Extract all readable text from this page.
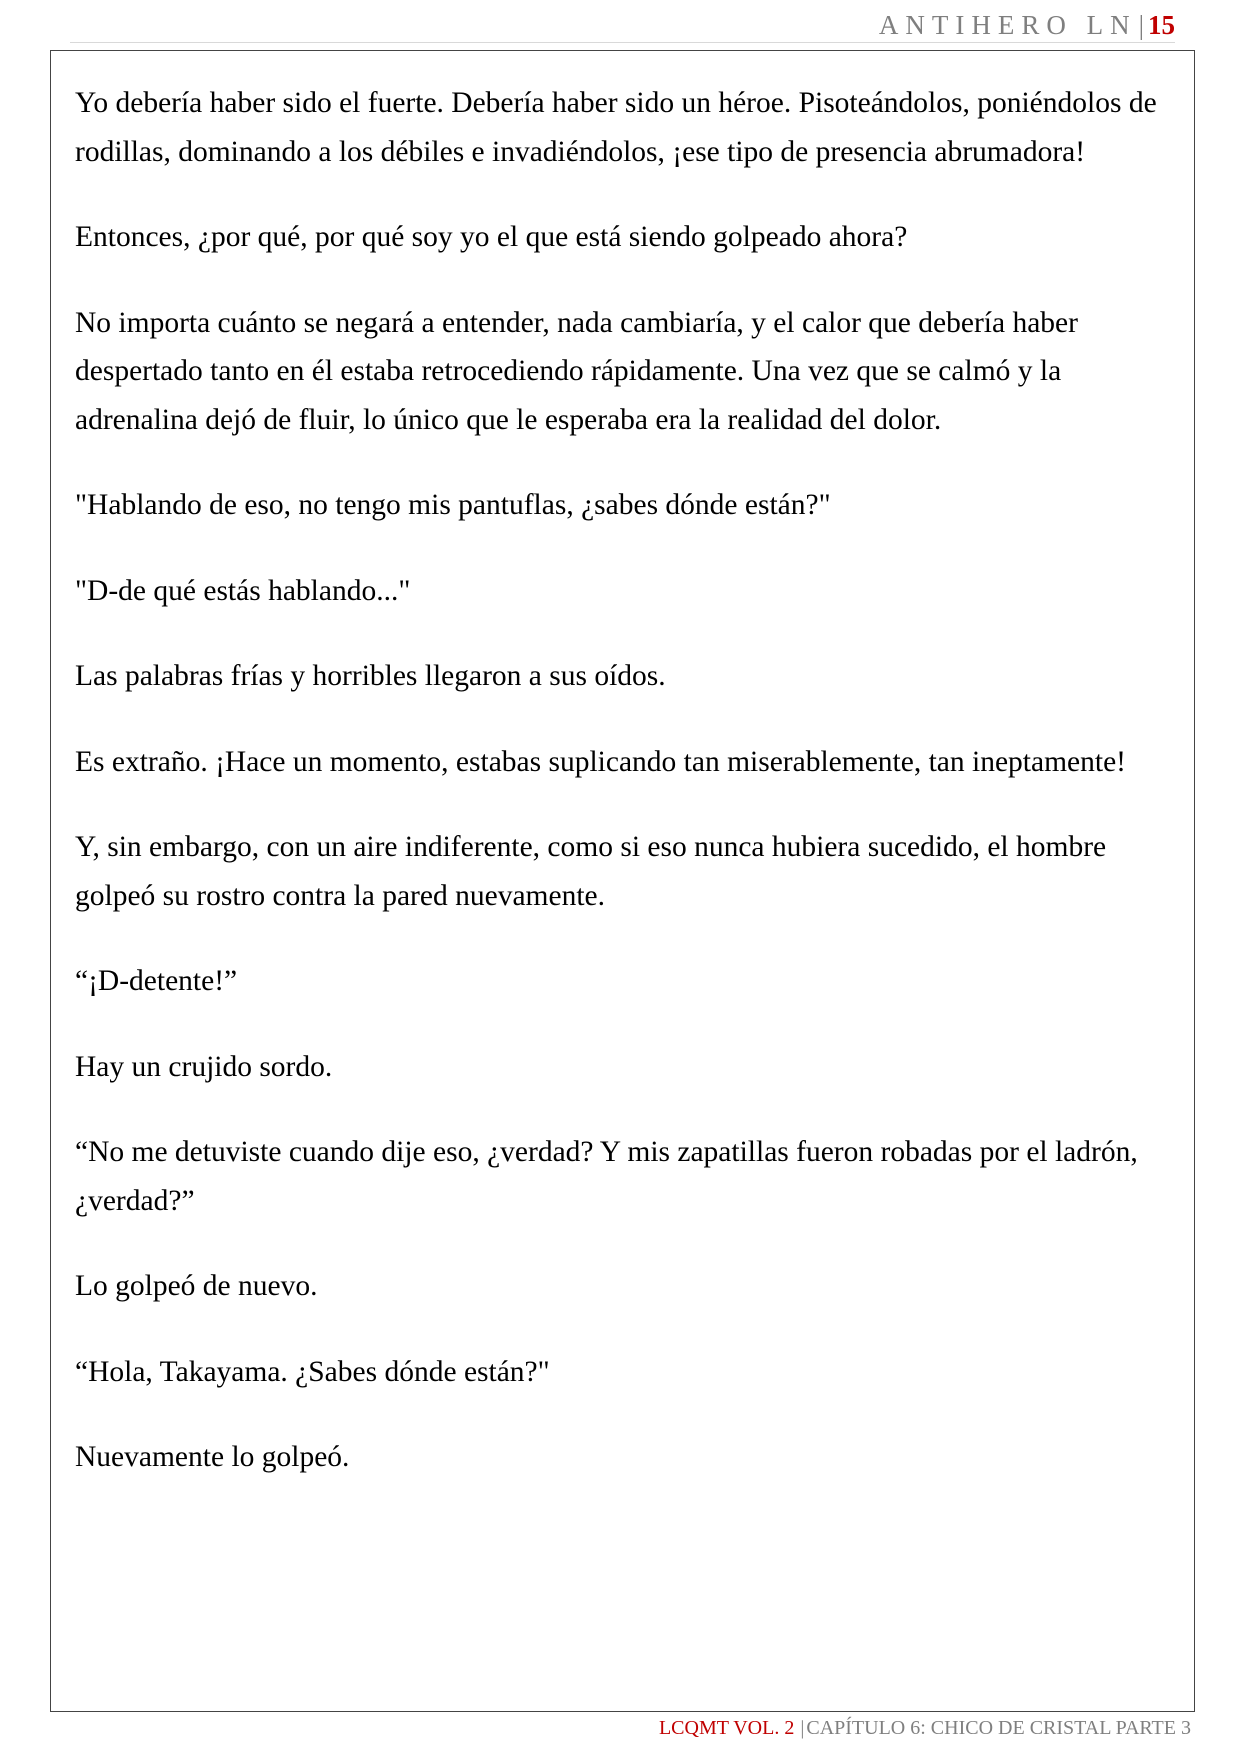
ANTIHERO LN| 15

Yo debería haber sido el fuerte. Debería haber sido un héroe. Pisoteándolos, poniéndolos de rodillas, dominando a los débiles e invadiéndolos, ¡ese tipo de presencia abrumadora!

Entonces, ¿por qué, por qué soy yo el que está siendo golpeado ahora?

No importa cuánto se negará a entender, nada cambiaría, y el calor que debería haber despertado tanto en él estaba retrocediendo rápidamente. Una vez que se calmó y la adrenalina dejó de fluir, lo único que le esperaba era la realidad del dolor.

"Hablando de eso, no tengo mis pantuflas, ¿sabes dónde están?"

"D-de qué estás hablando..."

Las palabras frías y horribles llegaron a sus oídos.

Es extraño. ¡Hace un momento, estabas suplicando tan miserablemente, tan ineptamente!

Y, sin embargo, con un aire indiferente, como si eso nunca hubiera sucedido, el hombre golpeó su rostro contra la pared nuevamente.

“¡D-detente!”

Hay un crujido sordo.

“No me detuviste cuando dije eso, ¿verdad? Y mis zapatillas fueron robadas por el ladrón, ¿verdad?”

Lo golpeó de nuevo.

“Hola, Takayama. ¿Sabes dónde están?"

Nuevamente lo golpeó.

LCQMT VOL. 2 | CAPÍTULO 6: CHICO DE CRISTAL PARTE 3
